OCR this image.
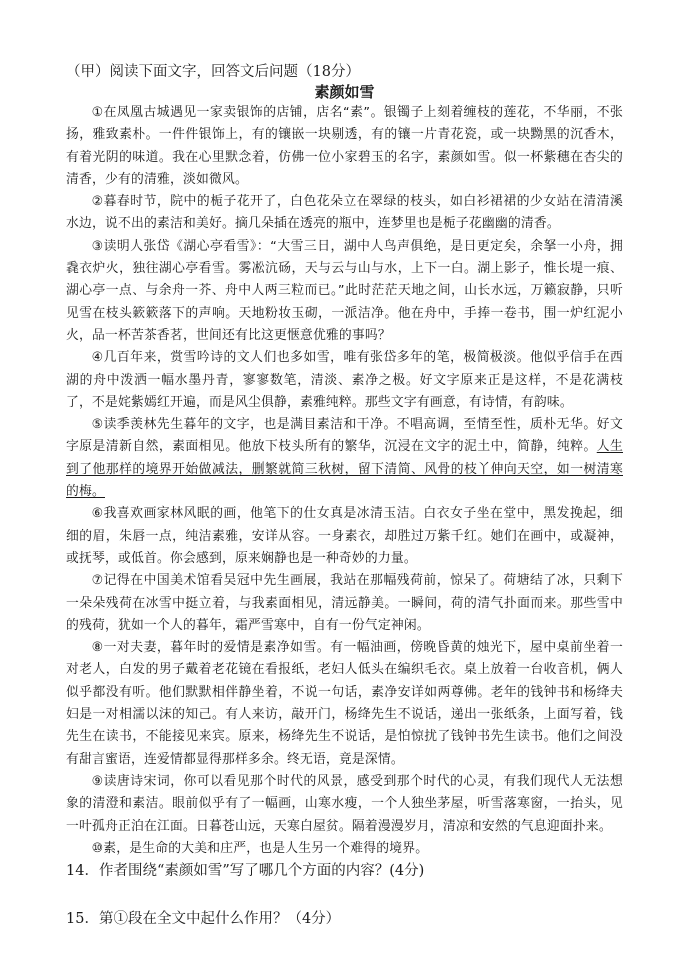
（甲）阅读下面文字，回答文后问题（18分）

素颜如雪

①在凤凰古城遇见一家卖银饰的店铺，店名“素”。银镯子上刻着缠枝的莲花，不华丽，不张扬，雅致素朴。一件件银饰上，有的镶嵌一块剔透，有的镶一片青花瓷，或一块黝黑的沉香木，有着光阴的味道。我在心里默念着，仿佛一位小家碧玉的名字，素颜如雪。似一杯紫穗在杏尖的清香，少有的清雅，淡如微风。

②暮春时节，院中的栀子花开了，白色花朵立在翠绿的枝头，如白衫裙裙的少女站在清清溪水边，说不出的素洁和美好。摘几朵插在透亮的瓶中，连梦里也是栀子花幽幽的清香。

③读明人张岱《湖心亭看雪》：“大雪三日，湖中人鸟声俱绝，是日更定矣，余拏一小舟，拥毳衣炉火，独往湖心亭看雪。雾凇沆砀，天与云与山与水，上下一白。湖上影子，惟长堤一痕、湖心亭一点、与余舟一芥、舟中人两三粒而已。”此时茫茫天地之间，山长水远，万籁寂静，只听见雪在枝头簌簌落下的声响。天地粉妆玉砌，一派洁净。他在舟中，手捧一卷书，围一炉红泥小火，品一杯苦茶香茗，世间还有比这更惬意优雅的事吗？

④几百年来，赏雪吟诗的文人们也多如雪，唯有张岱多年的笔，极简极淡。他似乎信手在西湖的舟中泼洒一幅水墨丹青，寥寥数笔，清淡、素净之极。好文字原来正是这样，不是花满枝了，不是姹紫嫣红开遍，而是风尘俱静，素雅纯粹。那些文字有画意，有诗情，有韵味。

⑤读季羡林先生暮年的文字，也是满目素洁和干净。不唱高调，至情至性，质朴无华。好文字原是清新自然，素面相见。他放下枝头所有的繁华，沉浸在文字的泥土中，简静，纯粹。人生到了他那样的境界开始做减法，删繁就简三秋树，留下清简、风骨的枝丫伸向天空，如一树清寒的梅。

⑥我喜欢画家林风眠的画，他笔下的仕女真是冰清玉洁。白衣女子坐在堂中，黑发挽起，细细的眉，朱唇一点，纯洁素雅，安详从容。一身素衣，却胜过万紫千红。她们在画中，或凝神，或抚琴，或低首。你会感到，原来娴静也是一种奇妙的力量。

⑦记得在中国美术馆看吴冠中先生画展，我站在那幅残荷前，惊呆了。荷塘结了冰，只剩下一朵朵残荷在冰雪中挺立着，与我素面相见，清远静美。一瞬间，荷的清气扑面而来。那些雪中的残荷，犹如一个人的暮年，霜严雪寒中，自有一份气定神闲。

⑧一对夫妻，暮年时的爱情是素净如雪。有一幅油画，傍晚昏黄的烛光下，屋中桌前坐着一对老人，白发的男子戴着老花镜在看报纸，老妇人低头在编织毛衣。桌上放着一台收音机，俩人似乎都没有听。他们默默相伴静坐着，不说一句话，素净安详如两尊佛。老年的钱钟书和杨绛夫妇是一对相濡以沫的知己。有人来访，敲开门，杨绛先生不说话，递出一张纸条，上面写着，钱先生在读书，不能接见来宾。原来，杨绛先生不说话，是怕惊扰了钱钟书先生读书。他们之间没有甜言蜜语，连爱情都显得那样多余。终无语，竟是深情。

⑨读唐诗宋词，你可以看见那个时代的风景，感受到那个时代的心灵，有我们现代人无法想象的清澄和素洁。眼前似乎有了一幅画，山寒水瘦，一个人独坐茅屋，听雪落寒窗，一抬头，见一叶孤舟正泊在江面。日暮苍山远，天寒白屋贫。隔着漫漫岁月，清凉和安然的气息迎面扑来。

⑩素，是生命的大美和庄严，也是人生另一个难得的境界。

14．作者围绕“素颜如雪”写了哪几个方面的内容？(4分)

15．第①段在全文中起什么作用？（4分）
